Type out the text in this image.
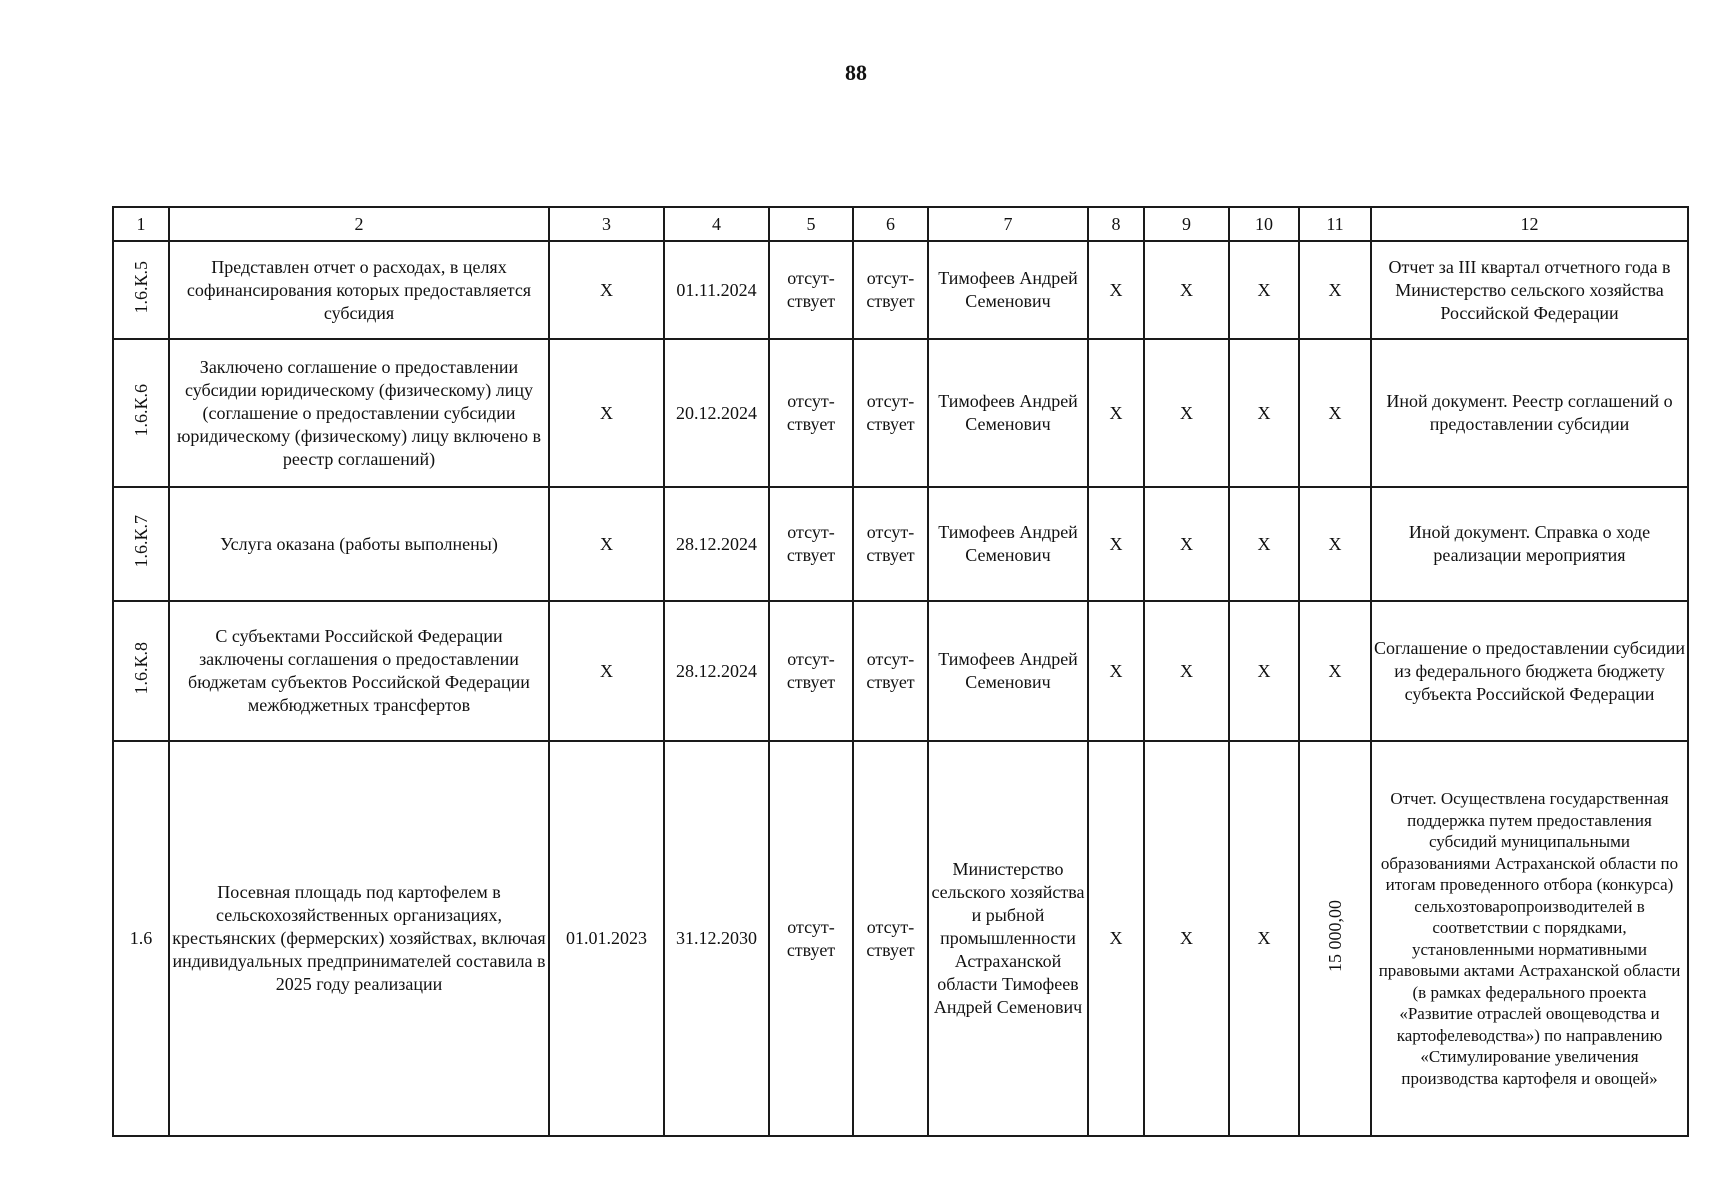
88
1	2	3	4	5	6	7	8	9	10	11	12
1.6.К.5	Представлен отчет о расходах, в целях софинансирования которых предоставляется субсидия	X	01.11.2024	отсут-ствует	отсут-ствует	Тимофеев Андрей Семенович	X	X	X	X	Отчет за III квартал отчетного года в Министерство сельского хозяйства Российской Федерации
1.6.К.6	Заключено соглашение о предоставлении субсидии юридическому (физическому) лицу (соглашение о предоставлении субсидии юридическому (физическому) лицу включено в реестр соглашений)	X	20.12.2024	отсут-ствует	отсут-ствует	Тимофеев Андрей Семенович	X	X	X	X	Иной документ. Реестр соглашений о предоставлении субсидии
1.6.К.7	Услуга оказана (работы выполнены)	X	28.12.2024	отсут-ствует	отсут-ствует	Тимофеев Андрей Семенович	X	X	X	X	Иной документ. Справка о ходе реализации мероприятия
1.6.К.8	С субъектами Российской Федерации заключены соглашения о предоставлении бюджетам субъектов Российской Федерации межбюджетных трансфертов	X	28.12.2024	отсут-ствует	отсут-ствует	Тимофеев Андрей Семенович	X	X	X	X	Соглашение о предоставлении субсидии из федерального бюджета бюджету субъекта Российской Федерации
1.6	Посевная площадь под картофелем в сельскохозяйственных организациях, крестьянских (фермерских) хозяйствах, включая индивидуальных предпринимателей составила в 2025 году реализации	01.01.2023	31.12.2030	отсут-ствует	отсут-ствует	Министерство сельского хозяйства и рыбной промышленности Астраханской области Тимофеев Андрей Семенович	X	X	X	15 000,00	Отчет. Осуществлена государственная поддержка путем предоставления субсидий муниципальными образованиями Астраханской области по итогам проведенного отбора (конкурса) сельхозтоваропроизводителей в соответствии с порядками, установленными нормативными правовыми актами Астраханской области (в рамках федерального проекта «Развитие отраслей овощеводства и картофелеводства») по направлению «Стимулирование увеличения производства картофеля и овощей»
